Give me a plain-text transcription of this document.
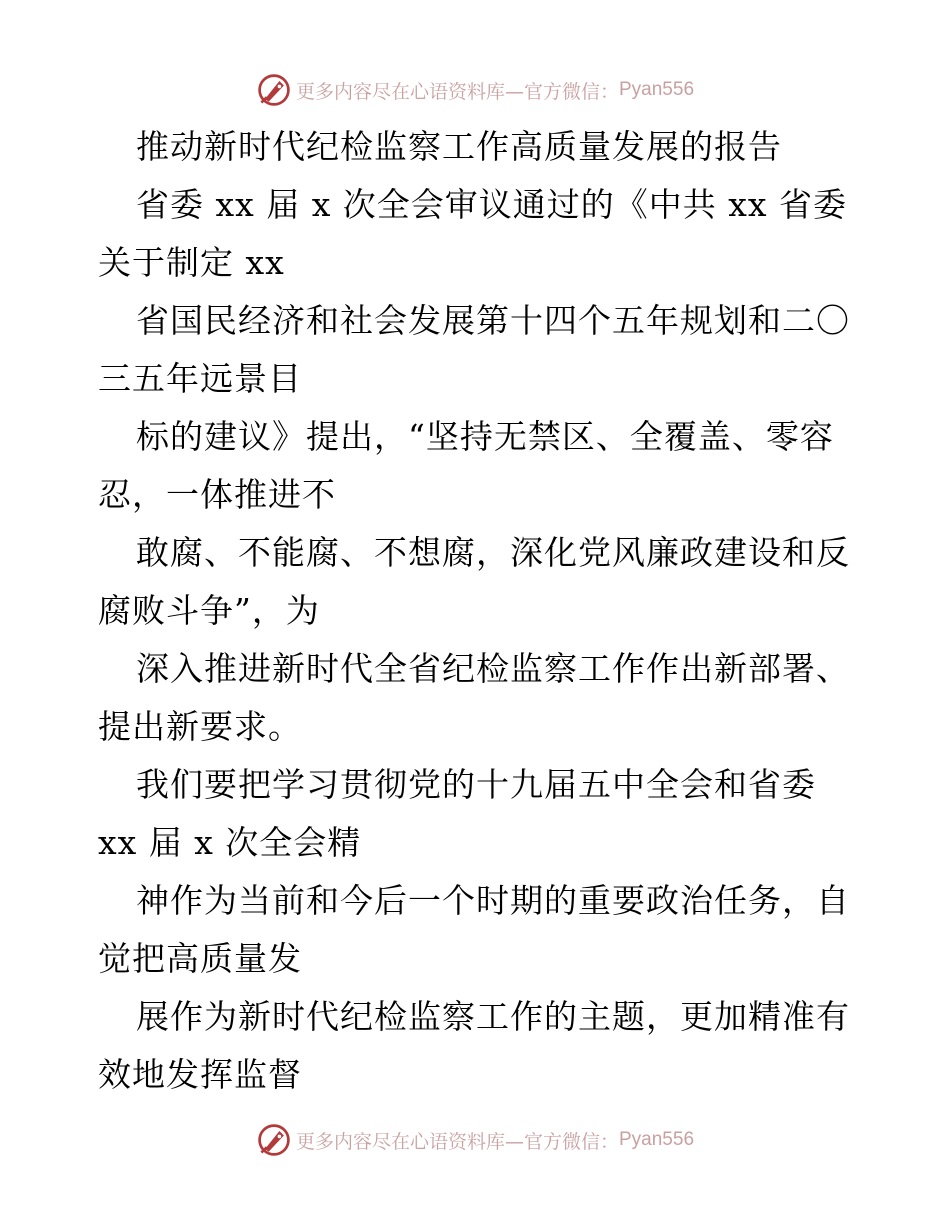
更多内容尽在心语资料库—官方微信： Pyan556
推动新时代纪检监察工作高质量发展的报告
省委 xx 届 x 次全会审议通过的《中共 xx 省委
关于制定 xx
省国民经济和社会发展第十四个五年规划和二〇
三五年远景目
标的建议》提出，“坚持无禁区、全覆盖、零容
忍，一体推进不
敢腐、不能腐、不想腐，深化党风廉政建设和反
腐败斗争”，为
深入推进新时代全省纪检监察工作作出新部署、
提出新要求。
我们要把学习贯彻党的十九届五中全会和省委
xx 届 x 次全会精
神作为当前和今后一个时期的重要政治任务，自
觉把高质量发
展作为新时代纪检监察工作的主题，更加精准有
效地发挥监督
更多内容尽在心语资料库—官方微信： Pyan556
